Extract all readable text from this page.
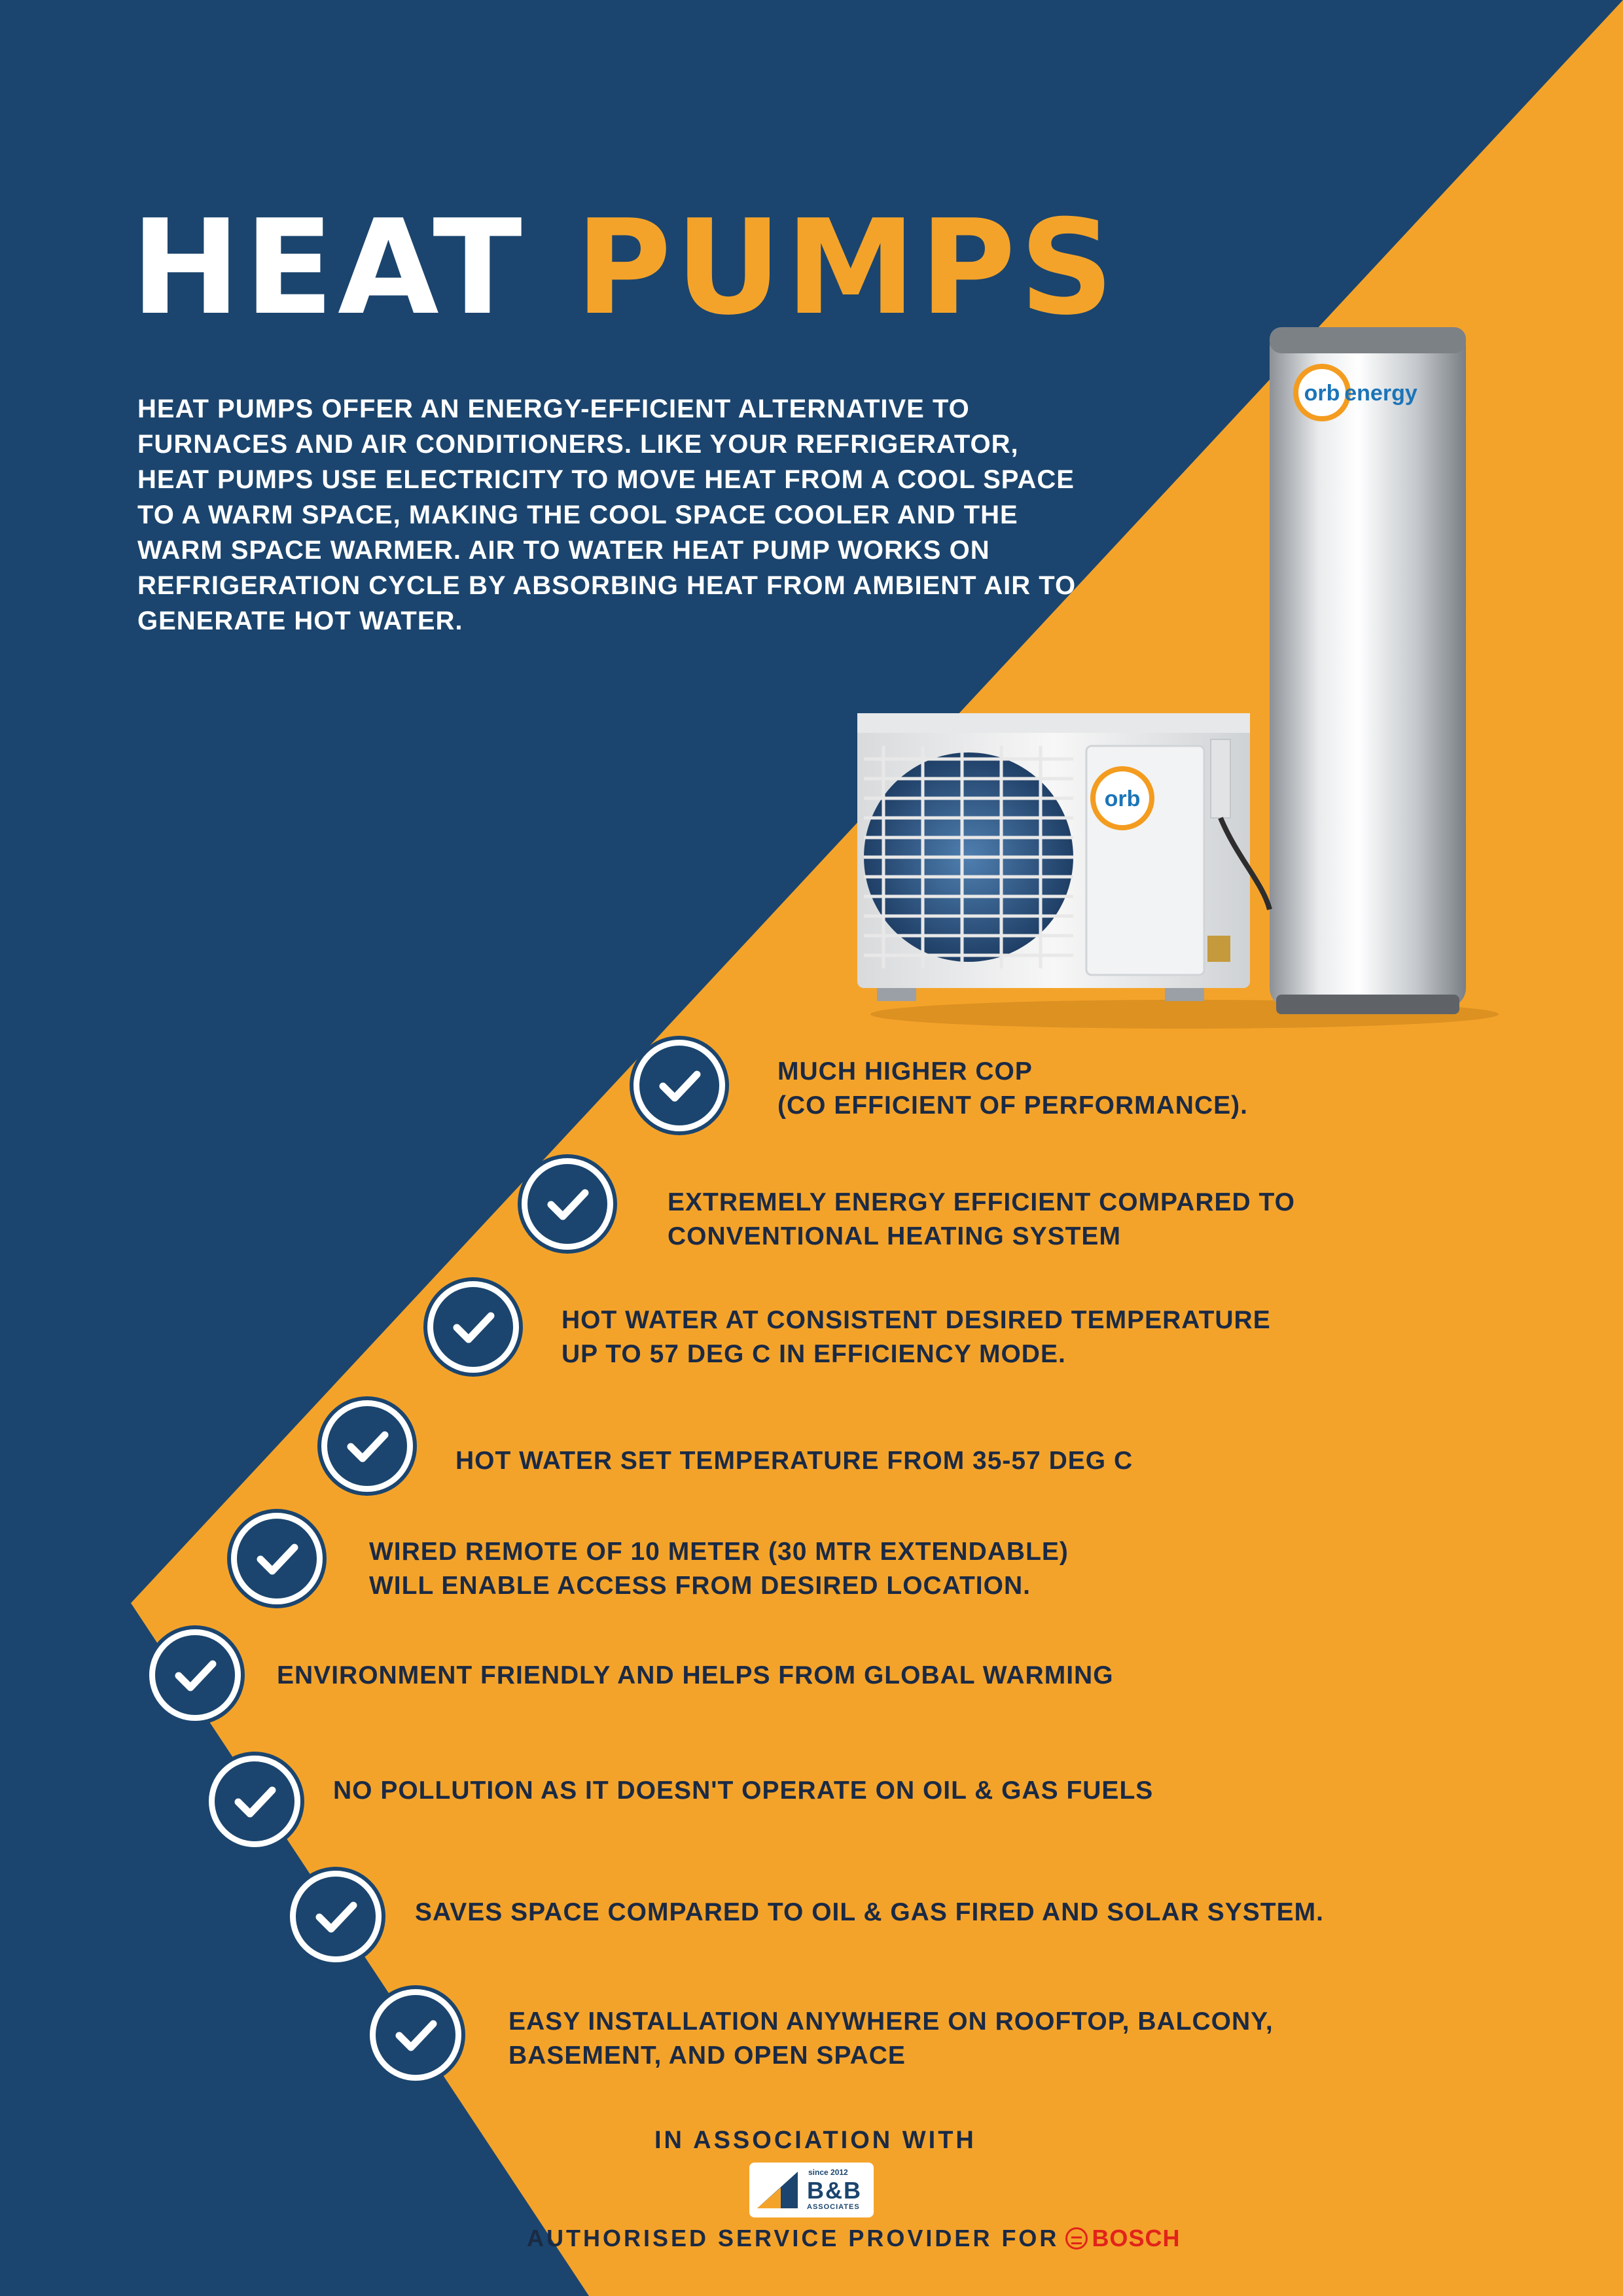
HEAT PUMPS

HEAT PUMPS OFFER AN ENERGY-EFFICIENT ALTERNATIVE TO FURNACES AND AIR CONDITIONERS. LIKE YOUR REFRIGERATOR, HEAT PUMPS USE ELECTRICITY TO MOVE HEAT FROM A COOL SPACE TO A WARM SPACE, MAKING THE COOL SPACE COOLER AND THE WARM SPACE WARMER. AIR TO WATER HEAT PUMP WORKS ON REFRIGERATION CYCLE BY ABSORBING HEAT FROM AMBIENT AIR TO GENERATE HOT WATER.

orb energy
orb

MUCH HIGHER COP
(CO EFFICIENT OF PERFORMANCE).

EXTREMELY ENERGY EFFICIENT COMPARED TO
CONVENTIONAL HEATING SYSTEM

HOT WATER AT CONSISTENT DESIRED TEMPERATURE
UP TO 57 DEG C IN EFFICIENCY MODE.

HOT WATER SET TEMPERATURE FROM 35-57 DEG C

WIRED REMOTE OF 10 METER (30 MTR EXTENDABLE)
WILL ENABLE ACCESS FROM DESIRED LOCATION.

ENVIRONMENT FRIENDLY AND HELPS FROM GLOBAL WARMING

NO POLLUTION AS IT DOESN'T OPERATE ON OIL & GAS FUELS

SAVES SPACE COMPARED TO OIL & GAS FIRED AND SOLAR SYSTEM.

EASY INSTALLATION ANYWHERE ON ROOFTOP, BALCONY,
BASEMENT, AND OPEN SPACE

IN ASSOCIATION WITH

since 2012
B&B
ASSOCIATES

AUTHORISED SERVICE PROVIDER FOR BOSCH
